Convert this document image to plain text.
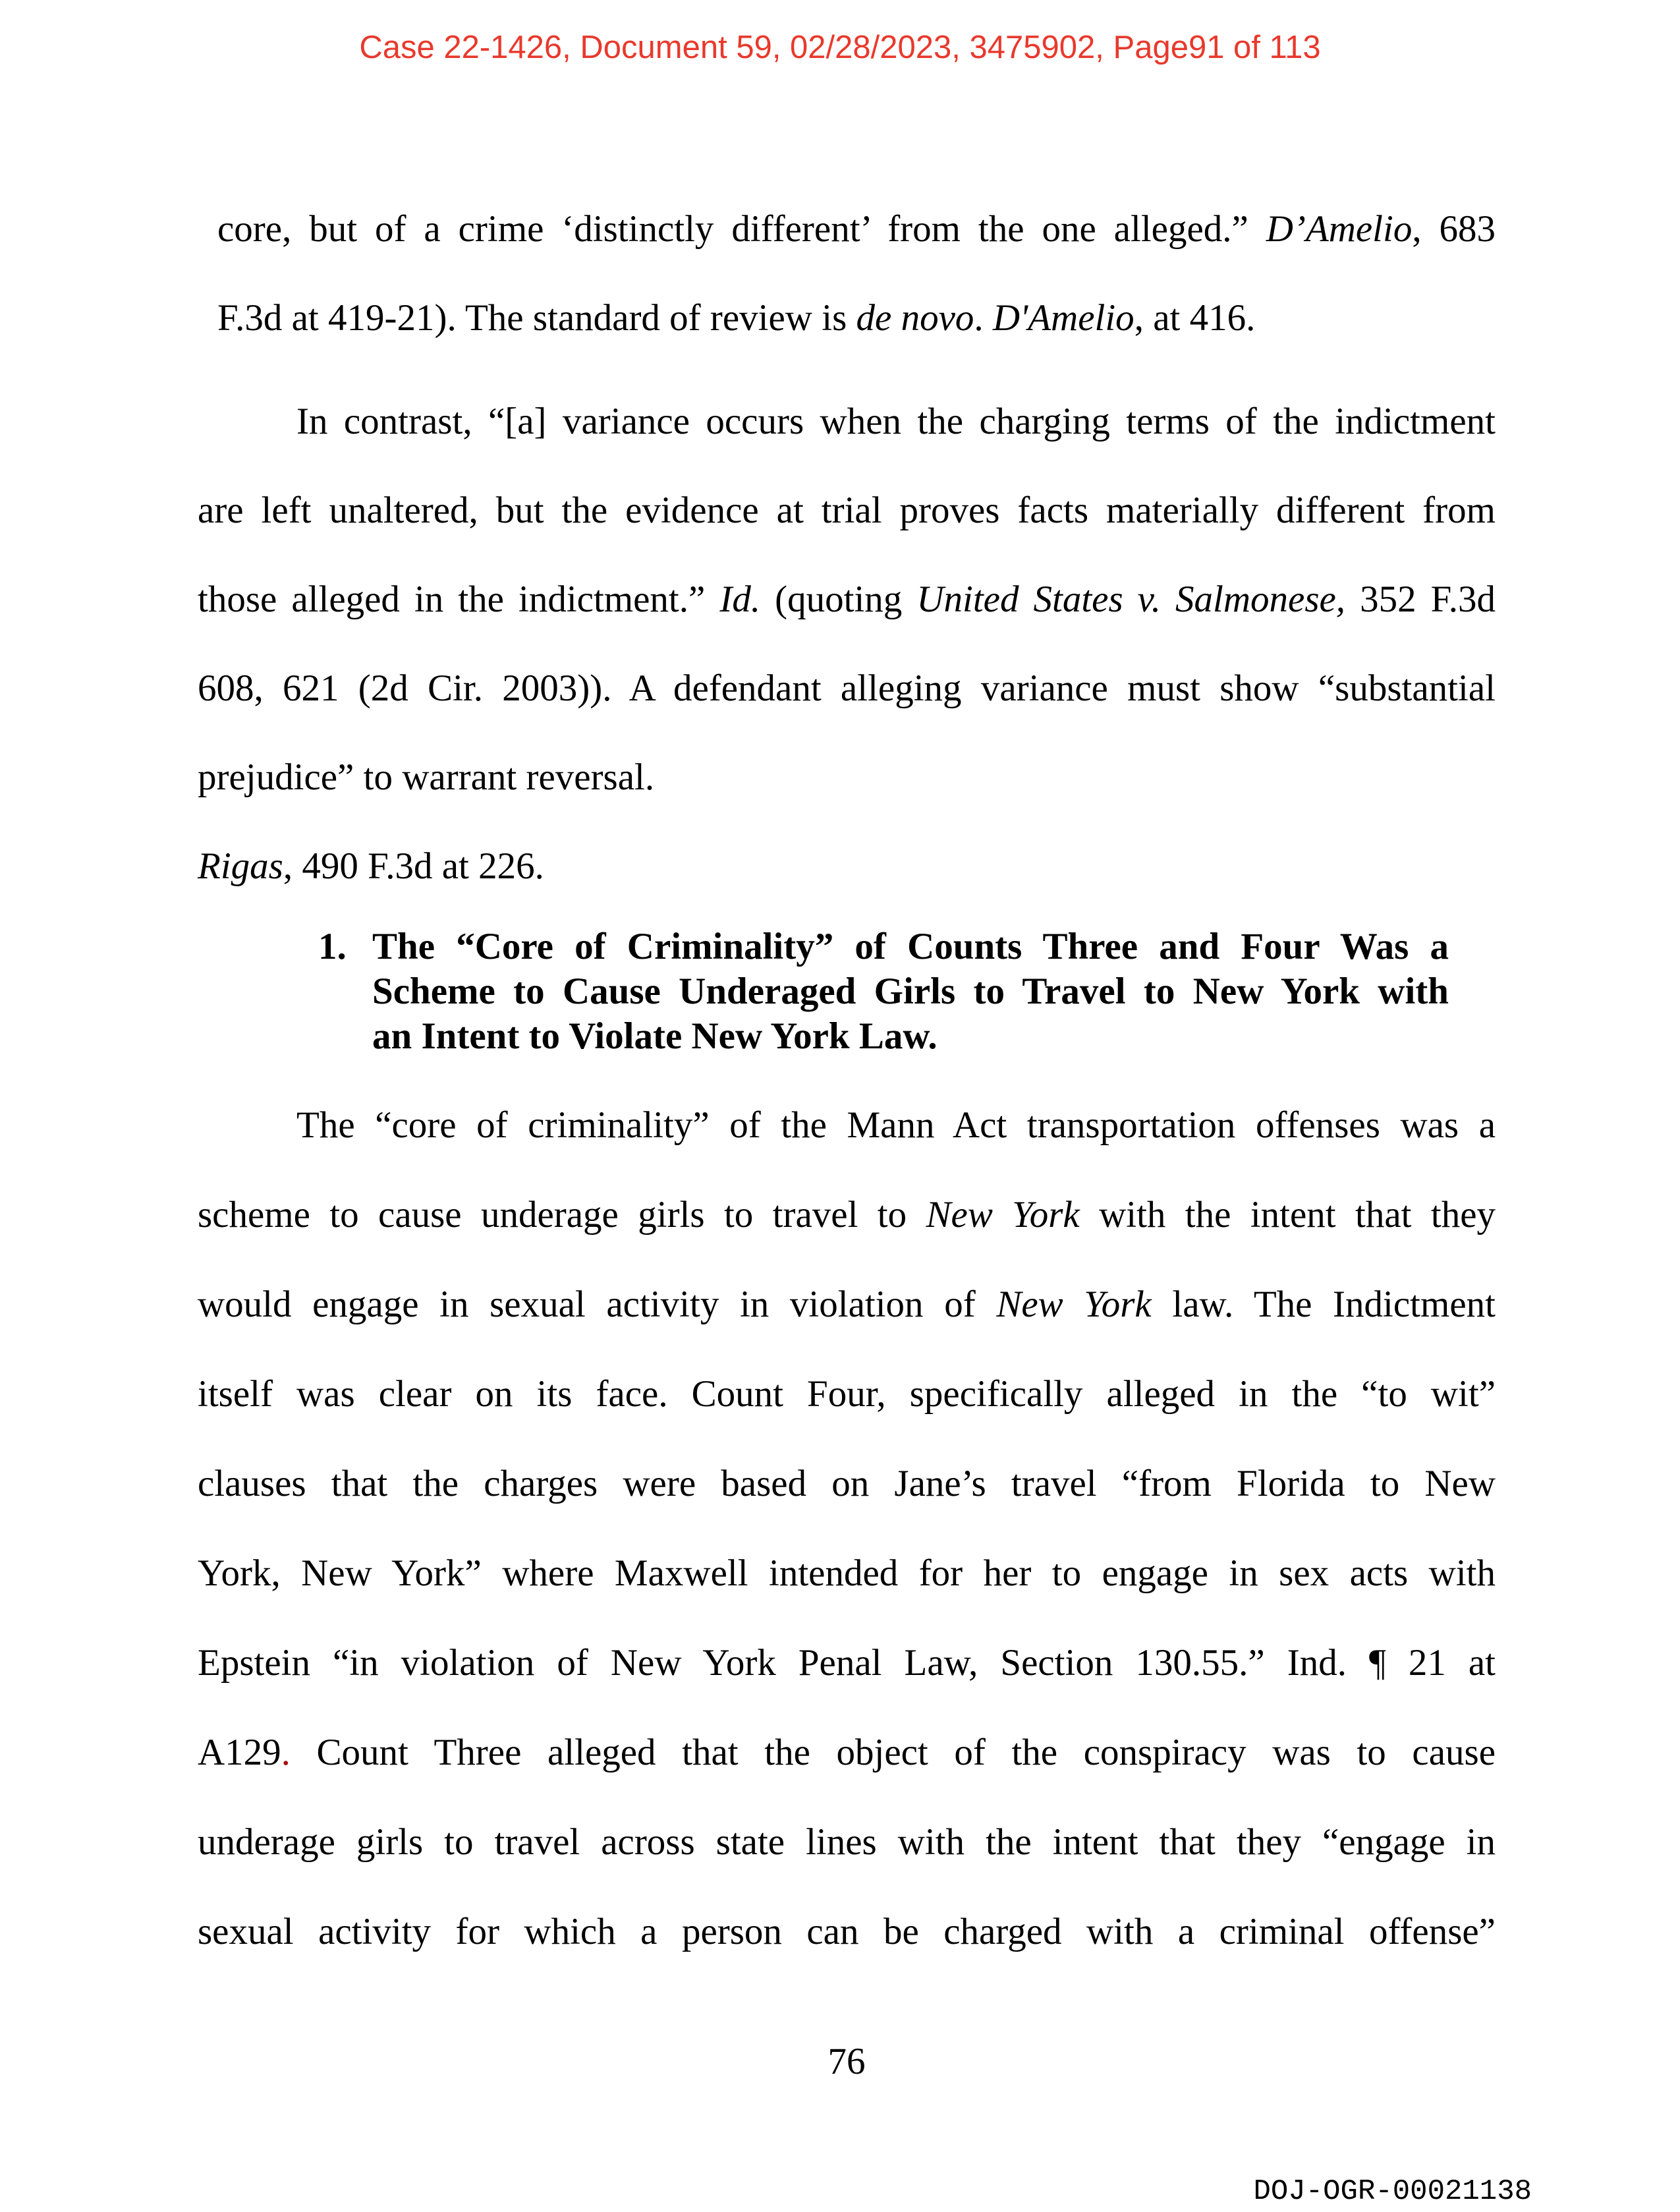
Case 22-1426, Document 59, 02/28/2023, 3475902, Page91 of 113
core, but of a crime ‘distinctly different’ from the one alleged.” D’Amelio, 683
F.3d at 419-21). The standard of review is de novo. D'Amelio, at 416.
In contrast, “[a] variance occurs when the charging terms of the indictment
are left unaltered, but the evidence at trial proves facts materially different from
those alleged in the indictment.” Id. (quoting United States v. Salmonese, 352 F.3d
608, 621 (2d Cir. 2003)). A defendant alleging variance must show “substantial
prejudice” to warrant reversal.
Rigas, 490 F.3d at 226.
1. The “Core of Criminality” of Counts Three and Four Was a
Scheme to Cause Underaged Girls to Travel to New York with
an Intent to Violate New York Law.
The “core of criminality” of the Mann Act transportation offenses was a
scheme to cause underage girls to travel to New York with the intent that they
would engage in sexual activity in violation of New York law. The Indictment
itself was clear on its face. Count Four, specifically alleged in the “to wit”
clauses that the charges were based on Jane’s travel “from Florida to New
York, New York” where Maxwell intended for her to engage in sex acts with
Epstein “in violation of New York Penal Law, Section 130.55.” Ind. ¶ 21 at
A129. Count Three alleged that the object of the conspiracy was to cause
underage girls to travel across state lines with the intent that they “engage in
sexual activity for which a person can be charged with a criminal offense”
76
DOJ-OGR-00021138
